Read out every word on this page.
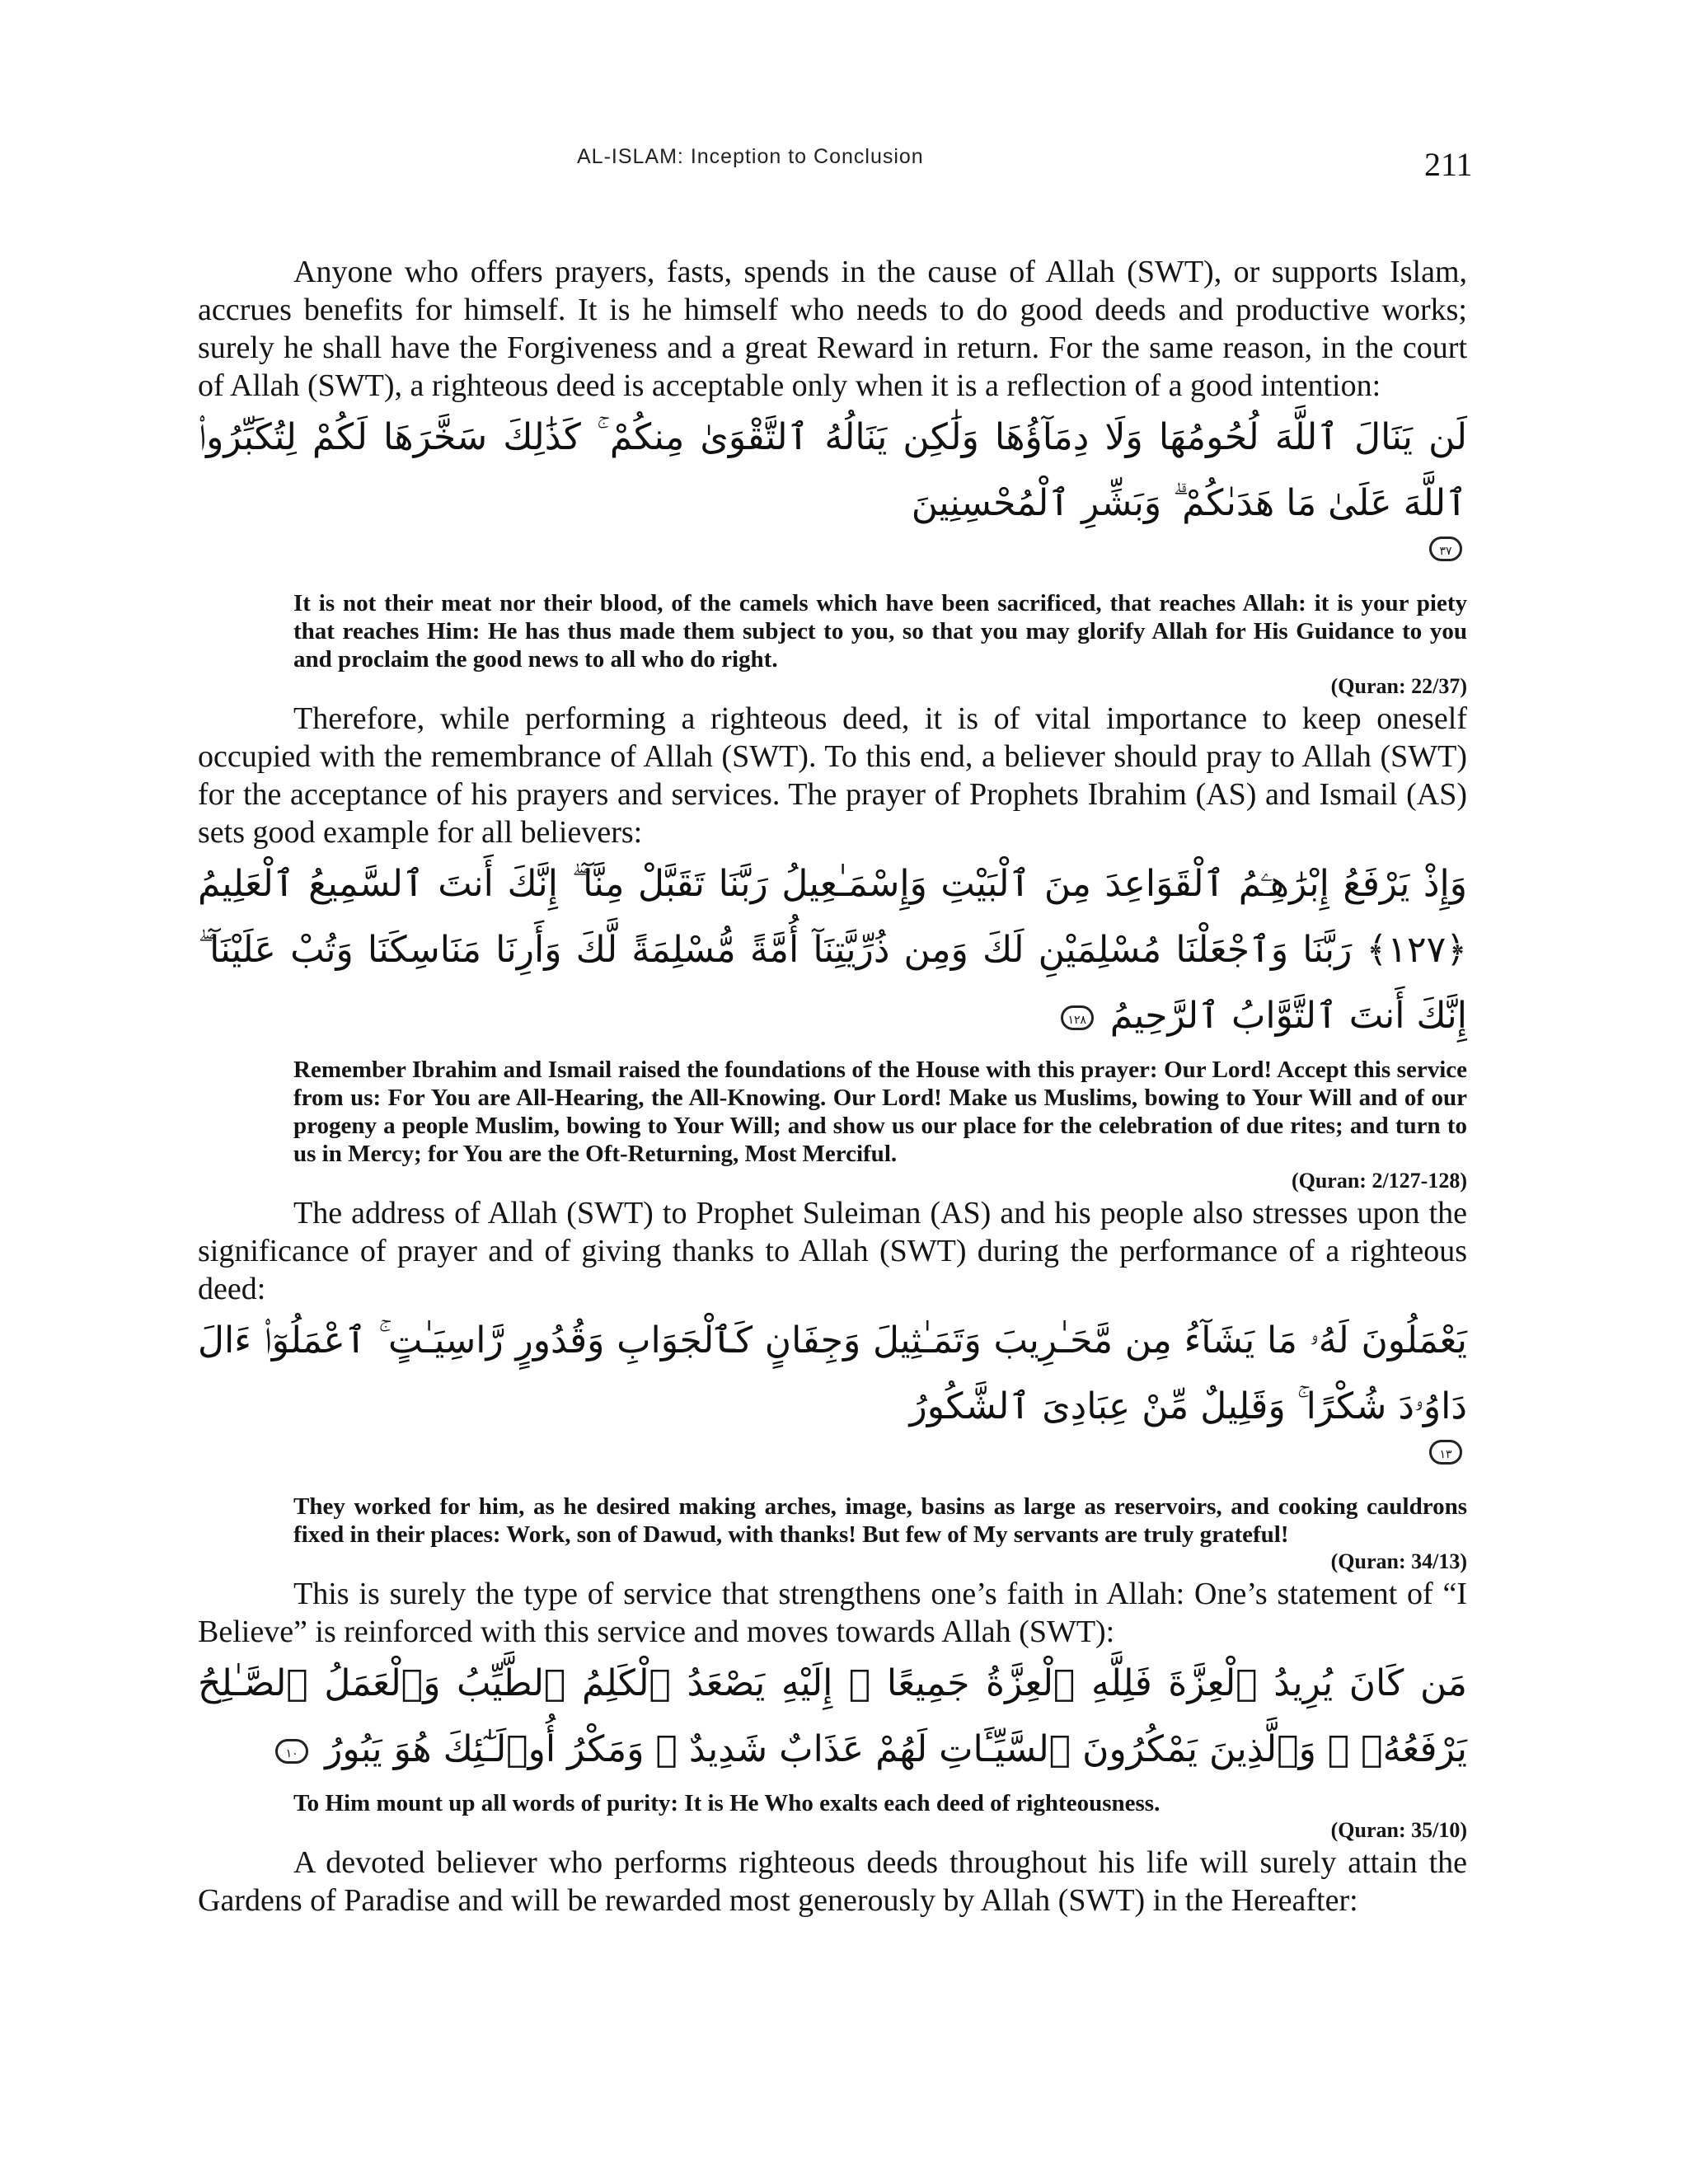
AL-ISLAM: Inception to Conclusion	211

Anyone who offers prayers, fasts, spends in the cause of Allah (SWT), or supports Islam, accrues benefits for himself. It is he himself who needs to do good deeds and productive works; surely he shall have the Forgiveness and a great Reward in return. For the same reason, in the court of Allah (SWT), a righteous deed is acceptable only when it is a reflection of a good intention:

لَن يَنَالَ ٱللَّهَ لُحُومُهَا وَلَا دِمَآؤُهَا وَلَٰكِن يَنَالُهُ ٱلتَّقْوَىٰ مِنكُمْ ۚ كَذَٰلِكَ سَخَّرَهَا لَكُمْ لِتُكَبِّرُوا۟ ٱللَّهَ عَلَىٰ مَا هَدَىٰكُمْ ۗ وَبَشِّرِ ٱلْمُحْسِنِينَ

٣٧

It is not their meat nor their blood, of the camels which have been sacrificed, that reaches Allah: it is your piety that reaches Him: He has thus made them subject to you, so that you may glorify Allah for His Guidance to you and proclaim the good news to all who do right.

(Quran: 22/37)

Therefore, while performing a righteous deed, it is of vital importance to keep oneself occupied with the remembrance of Allah (SWT). To this end, a believer should pray to Allah (SWT) for the acceptance of his prayers and services. The prayer of Prophets Ibrahim (AS) and Ismail (AS) sets good example for all believers:

وَإِذْ يَرْفَعُ إِبْرَٰهِـۧمُ ٱلْقَوَاعِدَ مِنَ ٱلْبَيْتِ وَإِسْمَـٰعِيلُ رَبَّنَا تَقَبَّلْ مِنَّآ ۖ إِنَّكَ أَنتَ ٱلسَّمِيعُ ٱلْعَلِيمُ ﴿١٢٧﴾ رَبَّنَا وَٱجْعَلْنَا مُسْلِمَيْنِ لَكَ وَمِن ذُرِّيَّتِنَآ أُمَّةً مُّسْلِمَةً لَّكَ وَأَرِنَا مَنَاسِكَنَا وَتُبْ عَلَيْنَآ ۖ إِنَّكَ أَنتَ ٱلتَّوَّابُ ٱلرَّحِيمُ ١٢٨

Remember Ibrahim and Ismail raised the foundations of the House with this prayer: Our Lord! Accept this service from us: For You are All-Hearing, the All-Knowing. Our Lord! Make us Muslims, bowing to Your Will and of our progeny a people Muslim, bowing to Your Will; and show us our place for the celebration of due rites; and turn to us in Mercy; for You are the Oft-Returning, Most Merciful.

(Quran: 2/127-128)

The address of Allah (SWT) to Prophet Suleiman (AS) and his people also stresses upon the significance of prayer and of giving thanks to Allah (SWT) during the performance of a righteous deed:

يَعْمَلُونَ لَهُۥ مَا يَشَآءُ مِن مَّحَـٰرِيبَ وَتَمَـٰثِيلَ وَجِفَانٍ كَٱلْجَوَابِ وَقُدُورٍ رَّاسِيَـٰتٍ ۚ ٱعْمَلُوٓا۟ ءَالَ دَاوُۥدَ شُكْرًا ۚ وَقَلِيلٌ مِّنْ عِبَادِىَ ٱلشَّكُورُ

١٣

They worked for him, as he desired making arches, image, basins as large as reservoirs, and cooking cauldrons fixed in their places: Work, son of Dawud, with thanks! But few of My servants are truly grateful!

(Quran: 34/13)

This is surely the type of service that strengthens one’s faith in Allah: One’s statement of “I Believe” is reinforced with this service and moves towards Allah (SWT):

مَن كَانَ يُرِيدُ ٱلْعِزَّةَ فَلِلَّهِ ٱلْعِزَّةُ جَمِيعًا ۚ إِلَيْهِ يَصْعَدُ ٱلْكَلِمُ ٱلطَّيِّبُ وَٱلْعَمَلُ ٱلصَّـٰلِحُ يَرْفَعُهُۥ ۚ وَٱلَّذِينَ يَمْكُرُونَ ٱلسَّيِّـَٔاتِ لَهُمْ عَذَابٌ شَدِيدٌ ۖ وَمَكْرُ أُو۟لَـٰٓئِكَ هُوَ يَبُورُ ١٠

To Him mount up all words of purity: It is He Who exalts each deed of righteousness.

(Quran: 35/10)

A devoted believer who performs righteous deeds throughout his life will surely attain the Gardens of Paradise and will be rewarded most generously by Allah (SWT) in the Hereafter:
